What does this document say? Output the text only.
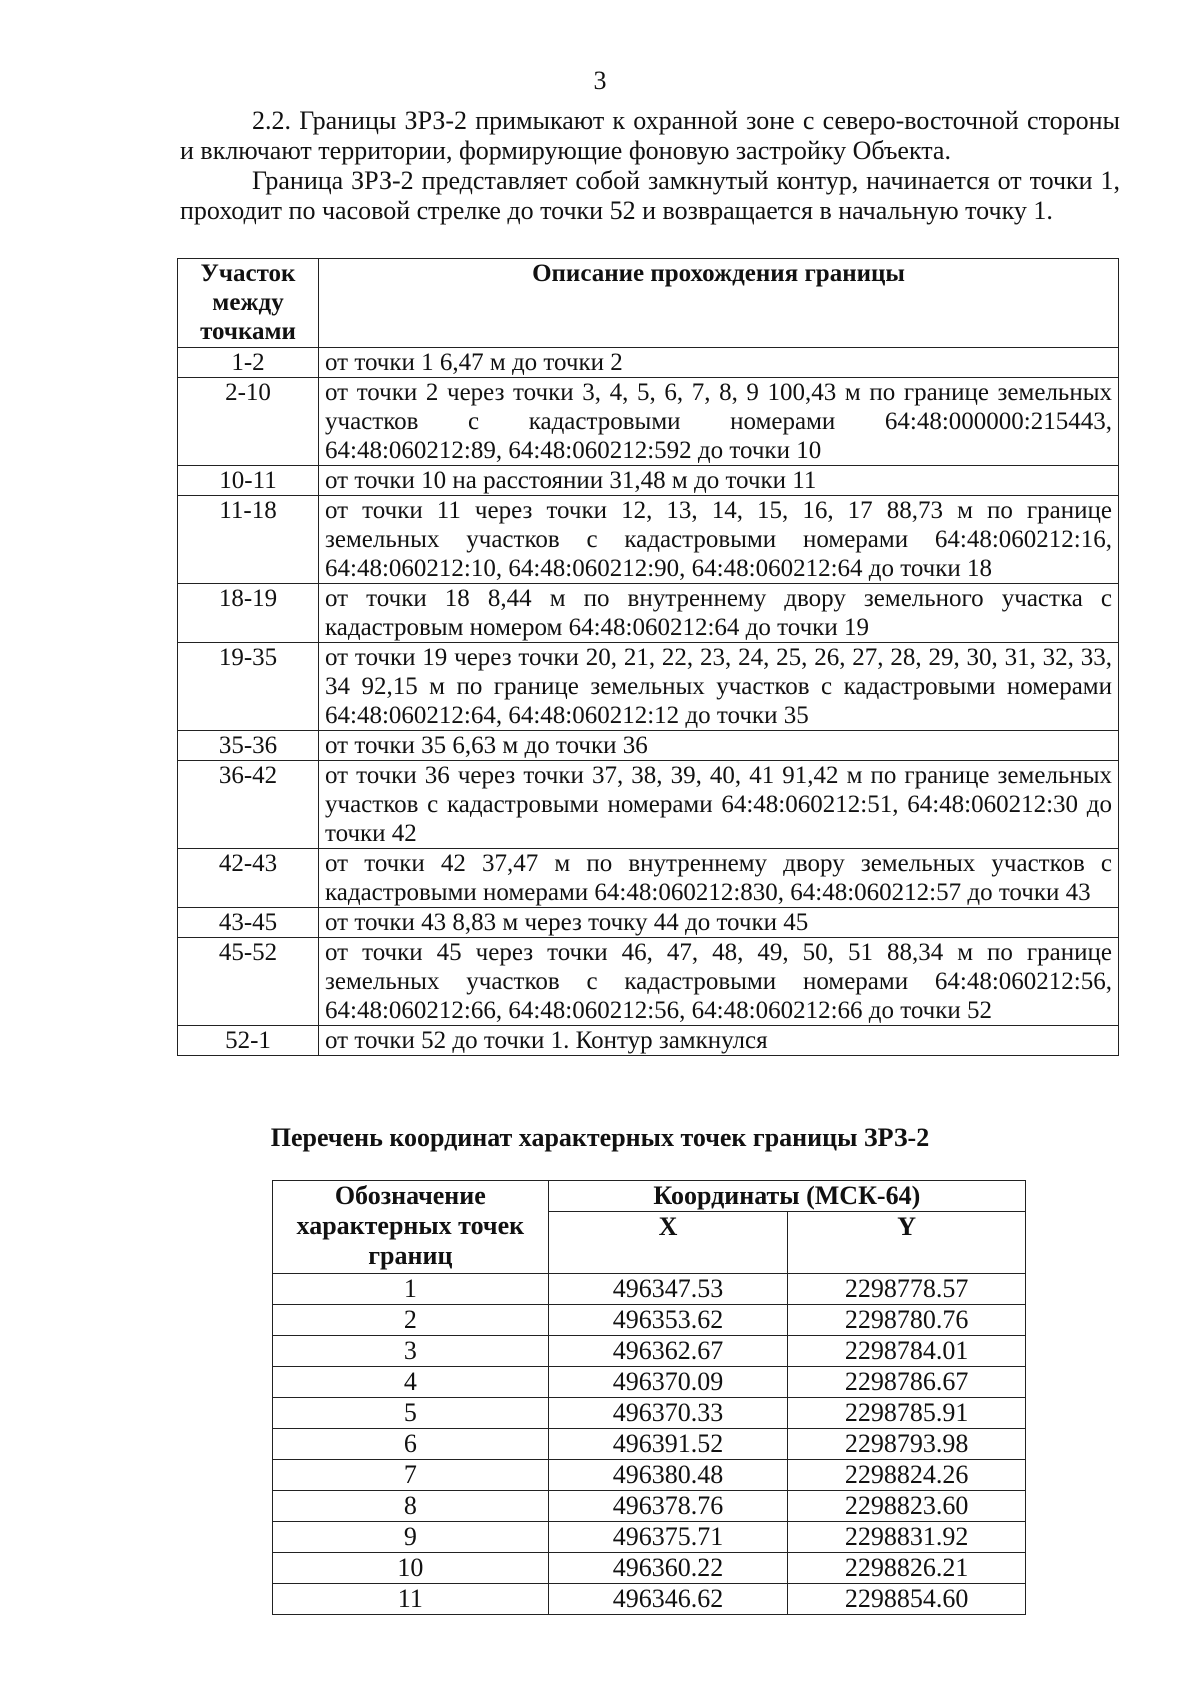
3

2.2. Границы ЗРЗ-2 примыкают к охранной зоне с северо-восточной стороны и включают территории, формирующие фоновую застройку Объекта.

Граница ЗРЗ-2 представляет собой замкнутый контур, начинается от точки 1, проходит по часовой стрелке до точки 52 и возвращается в начальную точку 1.

Участок между точками	Описание прохождения границы
1-2	от точки 1 6,47 м до точки 2
2-10	от точки 2 через точки 3, 4, 5, 6, 7, 8, 9 100,43 м по границе земельных участков с кадастровыми номерами 64:48:000000:215443, 64:48:060212:89, 64:48:060212:592 до точки 10
10-11	от точки 10 на расстоянии 31,48 м до точки 11
11-18	от точки 11 через точки 12, 13, 14, 15, 16, 17 88,73 м по границе земельных участков с кадастровыми номерами 64:48:060212:16, 64:48:060212:10, 64:48:060212:90, 64:48:060212:64 до точки 18
18-19	от точки 18 8,44 м по внутреннему двору земельного участка с кадастровым номером 64:48:060212:64 до точки 19
19-35	от точки 19 через точки 20, 21, 22, 23, 24, 25, 26, 27, 28, 29, 30, 31, 32, 33, 34 92,15 м по границе земельных участков с кадастровыми номерами 64:48:060212:64, 64:48:060212:12 до точки 35
35-36	от точки 35 6,63 м до точки 36
36-42	от точки 36 через точки 37, 38, 39, 40, 41 91,42 м по границе земельных участков с кадастровыми номерами 64:48:060212:51, 64:48:060212:30 до точки 42
42-43	от точки 42 37,47 м по внутреннему двору земельных участков с кадастровыми номерами 64:48:060212:830, 64:48:060212:57 до точки 43
43-45	от точки 43 8,83 м через точку 44 до точки 45
45-52	от точки 45 через точки 46, 47, 48, 49, 50, 51 88,34 м по границе земельных участков с кадастровыми номерами 64:48:060212:56, 64:48:060212:66, 64:48:060212:56, 64:48:060212:66 до точки 52
52-1	от точки 52 до точки 1. Контур замкнулся
Перечень координат характерных точек границы ЗРЗ-2
Обозначение характерных точек границ	Координаты (МСК-64)	
	X	Y
1	496347.53	2298778.57
2	496353.62	2298780.76
3	496362.67	2298784.01
4	496370.09	2298786.67
5	496370.33	2298785.91
6	496391.52	2298793.98
7	496380.48	2298824.26
8	496378.76	2298823.60
9	496375.71	2298831.92
10	496360.22	2298826.21
11	496346.62	2298854.60
